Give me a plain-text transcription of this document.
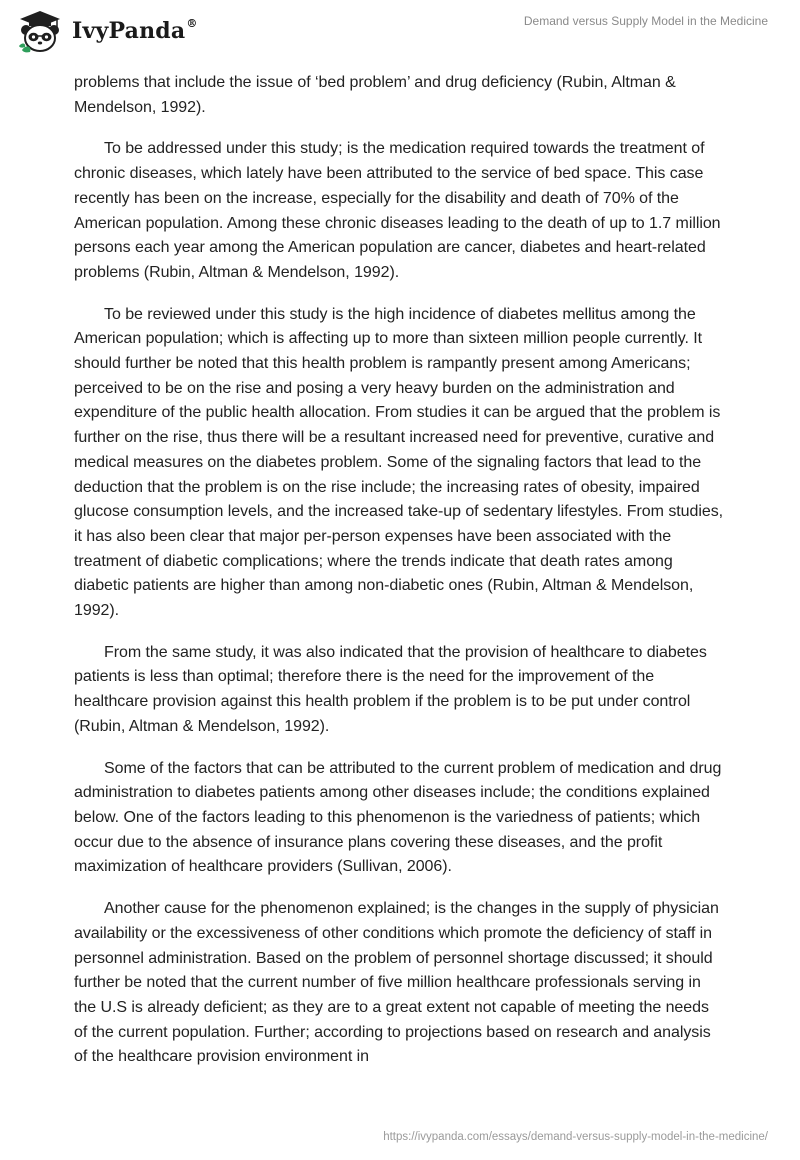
IvyPanda®	Demand versus Supply Model in the Medicine

problems that include the issue of ‘bed problem’ and drug deficiency (Rubin, Altman & Mendelson, 1992).

To be addressed under this study; is the medication required towards the treatment of chronic diseases, which lately have been attributed to the service of bed space. This case recently has been on the increase, especially for the disability and death of 70% of the American population. Among these chronic diseases leading to the death of up to 1.7 million persons each year among the American population are cancer, diabetes and heart-related problems (Rubin, Altman & Mendelson, 1992).

To be reviewed under this study is the high incidence of diabetes mellitus among the American population; which is affecting up to more than sixteen million people currently. It should further be noted that this health problem is rampantly present among Americans; perceived to be on the rise and posing a very heavy burden on the administration and expenditure of the public health allocation. From studies it can be argued that the problem is further on the rise, thus there will be a resultant increased need for preventive, curative and medical measures on the diabetes problem. Some of the signaling factors that lead to the deduction that the problem is on the rise include; the increasing rates of obesity, impaired glucose consumption levels, and the increased take-up of sedentary lifestyles. From studies, it has also been clear that major per-person expenses have been associated with the treatment of diabetic complications; where the trends indicate that death rates among diabetic patients are higher than among non-diabetic ones (Rubin, Altman & Mendelson, 1992).

From the same study, it was also indicated that the provision of healthcare to diabetes patients is less than optimal; therefore there is the need for the improvement of the healthcare provision against this health problem if the problem is to be put under control (Rubin, Altman & Mendelson, 1992).

Some of the factors that can be attributed to the current problem of medication and drug administration to diabetes patients among other diseases include; the conditions explained below. One of the factors leading to this phenomenon is the variedness of patients; which occur due to the absence of insurance plans covering these diseases, and the profit maximization of healthcare providers (Sullivan, 2006).

Another cause for the phenomenon explained; is the changes in the supply of physician availability or the excessiveness of other conditions which promote the deficiency of staff in personnel administration. Based on the problem of personnel shortage discussed; it should further be noted that the current number of five million healthcare professionals serving in the U.S is already deficient; as they are to a great extent not capable of meeting the needs of the current population. Further; according to projections based on research and analysis of the healthcare provision environment in

https://ivypanda.com/essays/demand-versus-supply-model-in-the-medicine/
